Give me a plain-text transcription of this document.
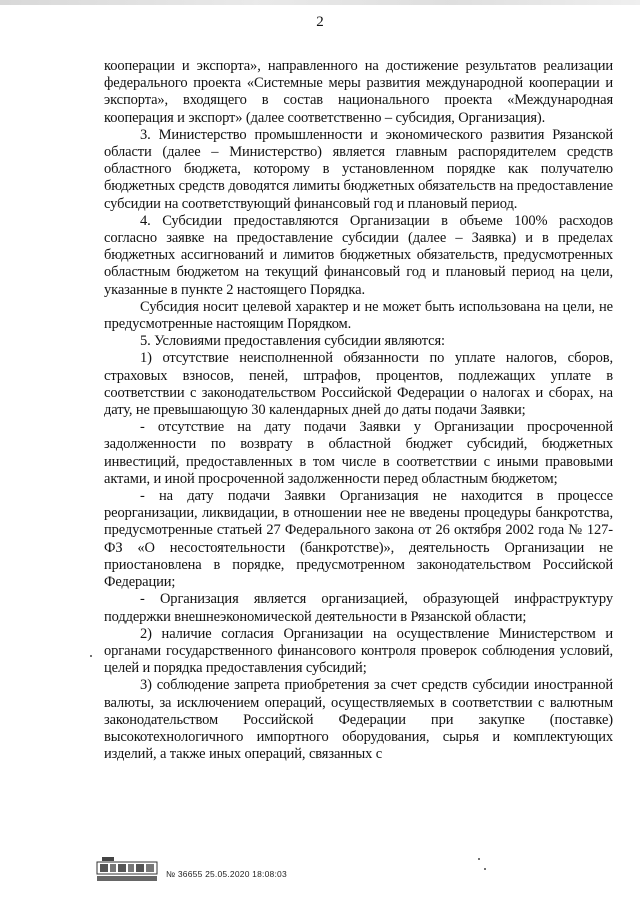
2

кооперации и экспорта», направленного на достижение результатов реализации федерального проекта «Системные меры развития международной кооперации и экспорта», входящего в состав национального проекта «Международная кооперация и экспорт» (далее соответственно – субсидия, Организация).

3. Министерство промышленности и экономического развития Рязанской области (далее – Министерство) является главным распорядителем средств областного бюджета, которому в установленном порядке как получателю бюджетных средств доводятся лимиты бюджетных обязательств на предоставление субсидии на соответствующий финансовый год и плановый период.

4. Субсидии предоставляются Организации в объеме 100% расходов согласно заявке на предоставление субсидии (далее – Заявка) и в пределах бюджетных ассигнований и лимитов бюджетных обязательств, предусмотренных областным бюджетом на текущий финансовый год и плановый период на цели, указанные в пункте 2 настоящего Порядка.

Субсидия носит целевой характер и не может быть использована на цели, не предусмотренные настоящим Порядком.

5. Условиями предоставления субсидии являются:

1) отсутствие неисполненной обязанности по уплате налогов, сборов, страховых взносов, пеней, штрафов, процентов, подлежащих уплате в соответствии с законодательством Российской Федерации о налогах и сборах, на дату, не превышающую 30 календарных дней до даты подачи Заявки;

- отсутствие на дату подачи Заявки у Организации просроченной задолженности по возврату в областной бюджет субсидий, бюджетных инвестиций, предоставленных в том числе в соответствии с иными правовыми актами, и иной просроченной задолженности перед областным бюджетом;

- на дату подачи Заявки Организация не находится в процессе реорганизации, ликвидации, в отношении нее не введены процедуры банкротства, предусмотренные статьей 27 Федерального закона от 26 октября 2002 года № 127-ФЗ «О несостоятельности (банкротстве)», деятельность Организации не приостановлена в порядке, предусмотренном законодательством Российской Федерации;

- Организация является организацией, образующей инфраструктуру поддержки внешнеэкономической деятельности в Рязанской области;

2) наличие согласия Организации на осуществление Министерством и органами государственного финансового контроля проверок соблюдения условий, целей и порядка предоставления субсидий;

3) соблюдение запрета приобретения за счет средств субсидии иностранной валюты, за исключением операций, осуществляемых в соответствии с валютным законодательством Российской Федерации при закупке (поставке) высокотехнологичного импортного оборудования, сырья и комплектующих изделий, а также иных операций, связанных с

№ 36655 25.05.2020 18:08:03
